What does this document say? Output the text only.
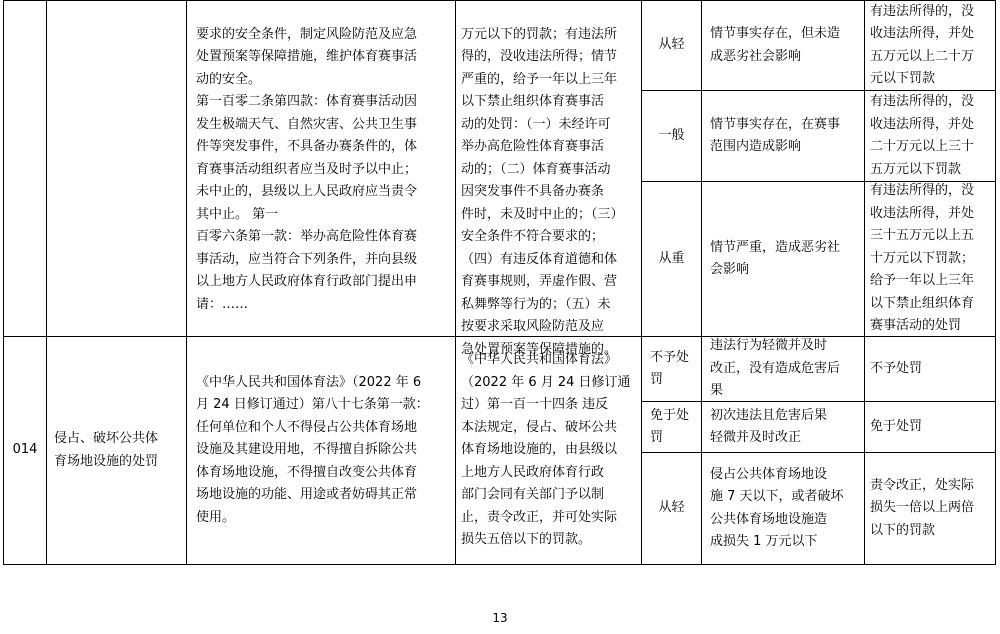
要求的安全条件，制定风险防范及应急
处置预案等保障措施，维护体育赛事活
动的安全。
第一百零二条第四款：体育赛事活动因
发生极端天气、自然灾害、公共卫生事
件等突发事件，不具备办赛条件的，体
育赛事活动组织者应当及时予以中止；
未中止的，县级以上人民政府应当责令
其中止。 第一
百零六条第一款：举办高危险性体育赛
事活动，应当符合下列条件，并向县级
以上地方人民政府体育行政部门提出申
请：……

万元以下的罚款；有违法所
得的，没收违法所得；情节
严重的，给予一年以上三年
以下禁止组织体育赛事活
动的处罚：（一）未经许可
举办高危险性体育赛事活
动的；（二）体育赛事活动
因突发事件不具备办赛条
件时，未及时中止的；（三）
安全条件不符合要求的；
（四）有违反体育道德和体
育赛事规则，弄虚作假、营
私舞弊等行为的；（五）未
按要求采取风险防范及应
急处置预案等保障措施的。

从轻
情节事实存在，但未造
成恶劣社会影响
有违法所得的，没
收违法所得，并处
五万元以上二十万
元以下罚款
一般
情节事实存在，在赛事
范围内造成影响
有违法所得的，没
收违法所得，并处
二十万元以上三十
五万元以下罚款
从重
情节严重，造成恶劣社
会影响
有违法所得的，没
收违法所得，并处
三十五万元以上五
十万元以下罚款；
给予一年以上三年
以下禁止组织体育
赛事活动的处罚
014
侵占、破坏公共体
育场地设施的处罚
《中华人民共和国体育法》（2022 年 6
月 24 日修订通过）第八十七条第一款：
任何单位和个人不得侵占公共体育场地
设施及其建设用地，不得擅自拆除公共
体育场地设施，不得擅自改变公共体育
场地设施的功能、用途或者妨碍其正常
使用。
《中华人民共和国体育法》
（2022 年 6 月 24 日修订通
过）第一百一十四条 违反
本法规定，侵占、破坏公共
体育场地设施的，由县级以
上地方人民政府体育行政
部门会同有关部门予以制
止，责令改正，并可处实际
损失五倍以下的罚款。
不予处
罚
违法行为轻微并及时
改正，没有造成危害后
果
不予处罚
免于处
罚
初次违法且危害后果
轻微并及时改正
免于处罚
从轻
侵占公共体育场地设
施 7 天以下，或者破坏
公共体育场地设施造
成损失 1 万元以下
责令改正，处实际
损失一倍以上两倍
以下的罚款
13
